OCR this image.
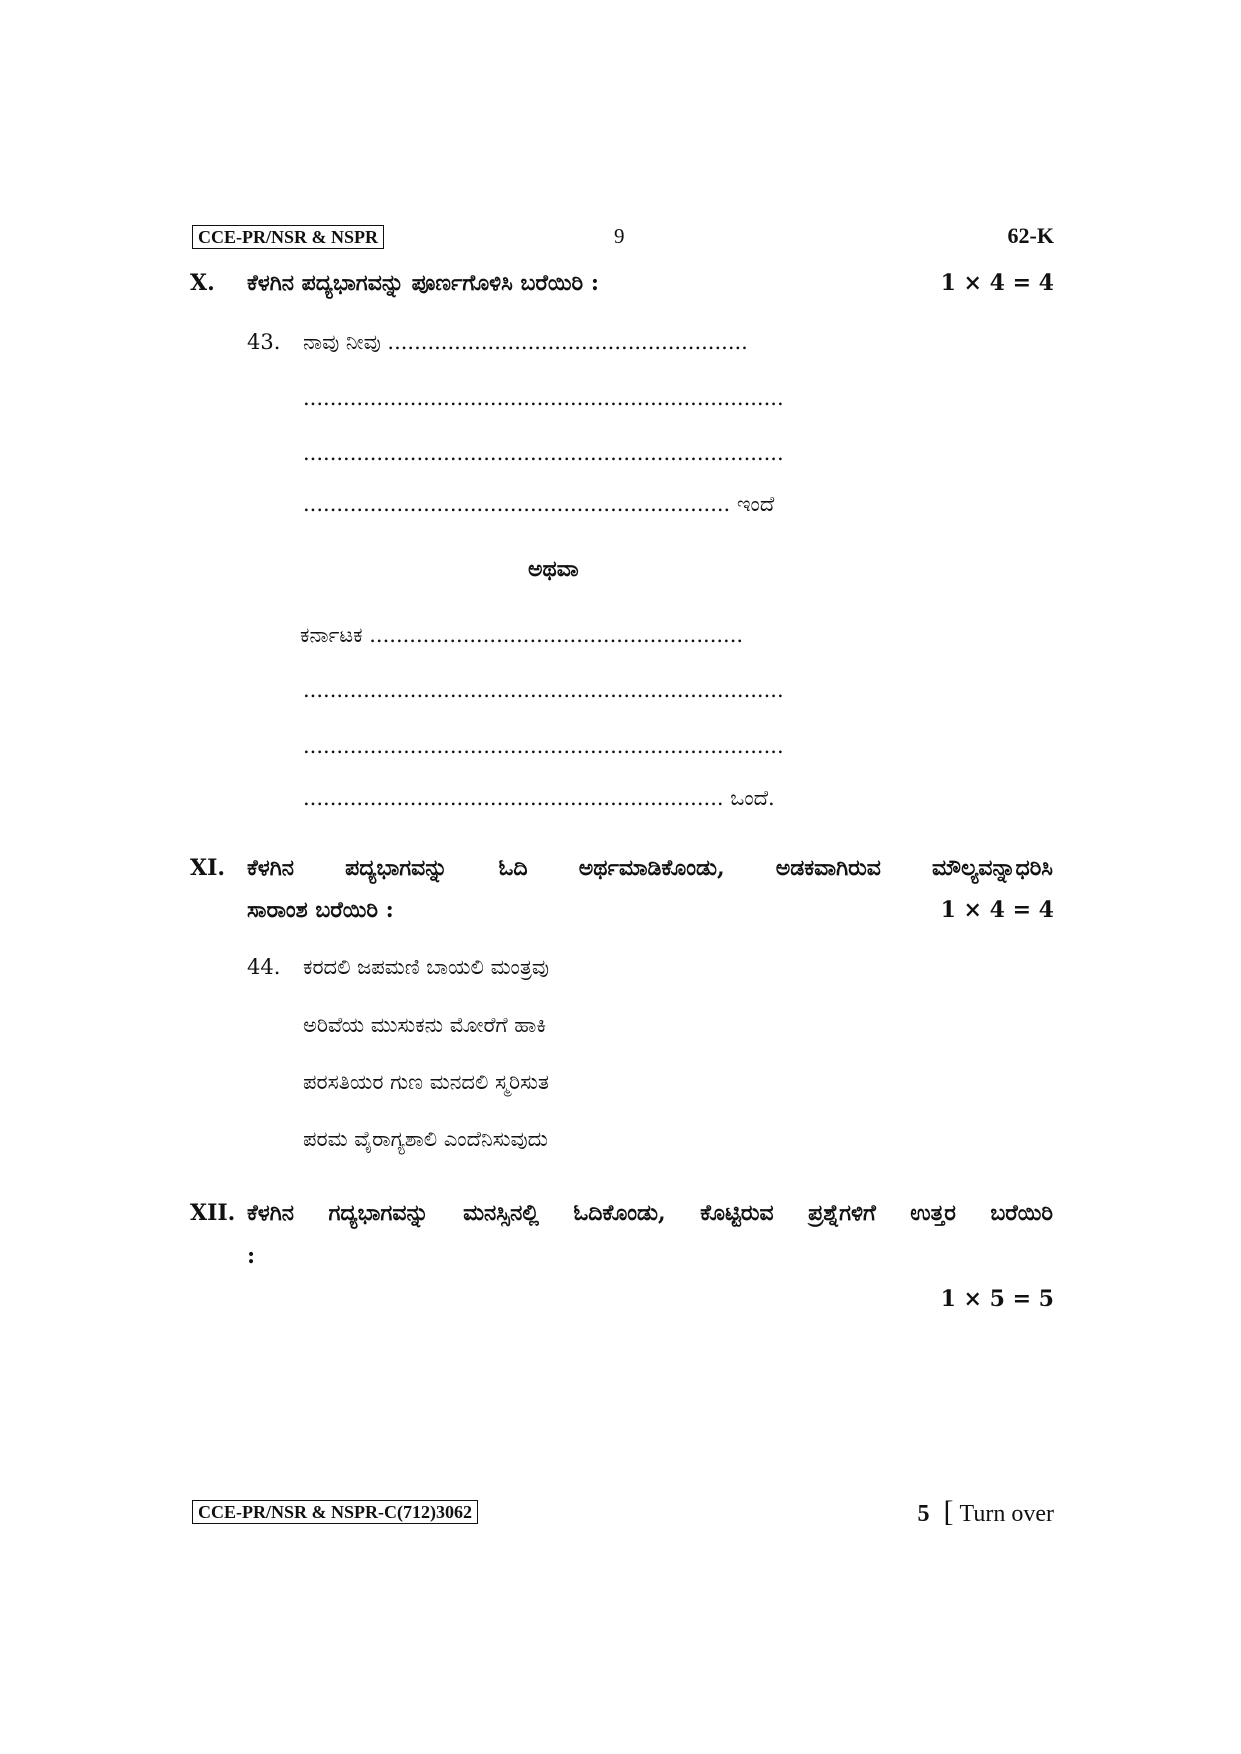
CCE-PR/NSR & NSPR	9	62-K
X. ಕೆಳಗಿನ ಪದ್ಯಭಾಗವನ್ನು ಪೂರ್ಣಗೊಳಿಸಿ ಬರೆಯಿರಿ :	1 × 4 = 4
43. ನಾವು ನೀವು ......................................................
........................................................................
........................................................................
................................................................ ಇಂದೆ
ಅಥವಾ
ಕರ್ನಾಟಕ ........................................................
........................................................................
........................................................................
............................................................... ಒಂದೆ.
XI. ಕೆಳಗಿನ ಪದ್ಯಭಾಗವನ್ನು ಓದಿ ಅರ್ಥಮಾಡಿಕೊಂಡು, ಅಡಕವಾಗಿರುವ ಮೌಲ್ಯವನ್ನಾಧರಿಸಿ
ಸಾರಾಂಶ ಬರೆಯಿರಿ :	1 × 4 = 4
44. ಕರದಲಿ ಜಪಮಣಿ ಬಾಯಲಿ ಮಂತ್ರವು
ಅರಿವೆಯ ಮುಸುಕನು ಮೋರೆಗೆ ಹಾಕಿ
ಪರಸತಿಯರ ಗುಣ ಮನದಲಿ ಸ್ಮರಿಸುತ
ಪರಮ ವೈರಾಗ್ಯಶಾಲಿ ಎಂದೆನಿಸುವುದು
XII. ಕೆಳಗಿನ ಗದ್ಯಭಾಗವನ್ನು ಮನಸ್ಸಿನಲ್ಲಿ ಓದಿಕೊಂಡು, ಕೊಟ್ಟಿರುವ ಪ್ರಶ್ನೆಗಳಿಗೆ ಉತ್ತರ ಬರೆಯಿರಿ
:
1 × 5 = 5
CCE-PR/NSR & NSPR-C(712)3062	5 [ Turn over
